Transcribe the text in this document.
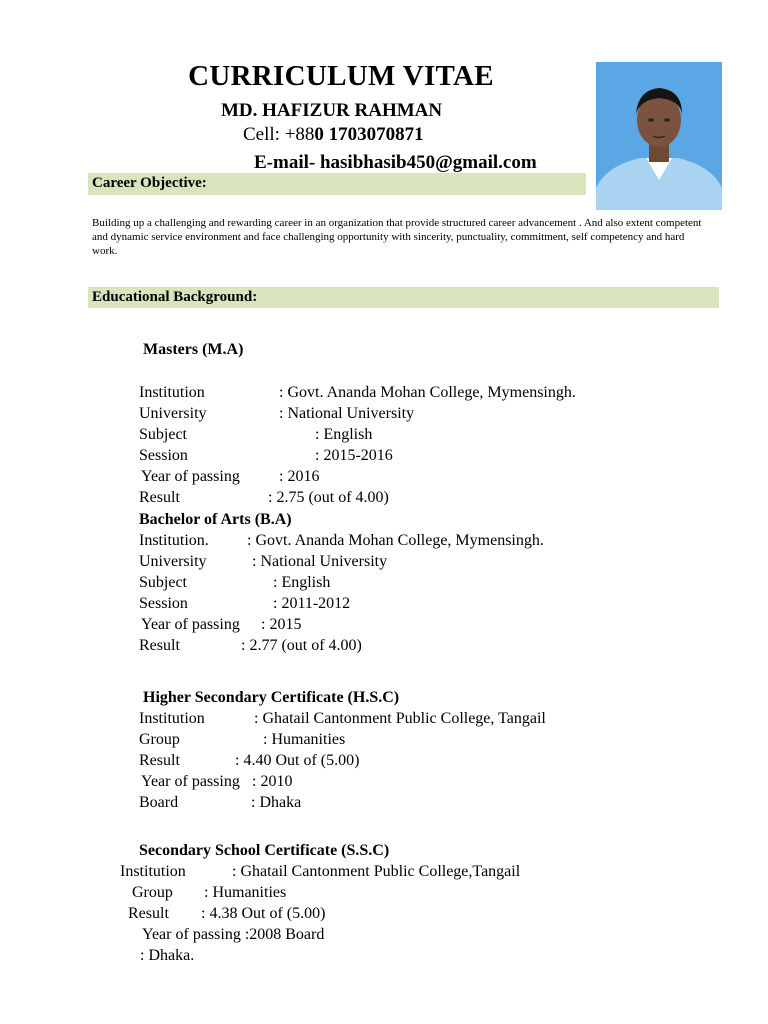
CURRICULUM VITAE
MD. HAFIZUR RAHMAN
Cell: +880 1703070871
E-mail- hasibhasib450@gmail.com
Career Objective:
Building up a challenging and rewarding career in an organization that provide structured career advancement . And also extent competent and dynamic service environment and face challenging opportunity with sincerity, punctuality, commitment, self competency and hard work.
Educational Background:
Masters (M.A)
Institution	: Govt. Ananda Mohan College, Mymensingh.
University	: National University
Subject	: English
Session	: 2015-2016
Year of passing : 2016
Result	: 2.75 (out of 4.00)
Bachelor of Arts (B.A)
Institution. : Govt. Ananda Mohan College, Mymensingh.
University	: National University
Subject	: English
Session	: 2011-2012
Year of passing : 2015
Result	: 2.77 (out of 4.00)
Higher Secondary Certificate (H.S.C)
Institution	: Ghatail Cantonment Public College, Tangail
Group	: Humanities
Result	: 4.40 Out of (5.00)
Year of passing : 2010
Board	: Dhaka
Secondary School Certificate (S.S.C)
Institution	: Ghatail Cantonment Public College,Tangail
Group : Humanities
Result : 4.38 Out of (5.00)
Year of passing :2008 Board
: Dhaka.
